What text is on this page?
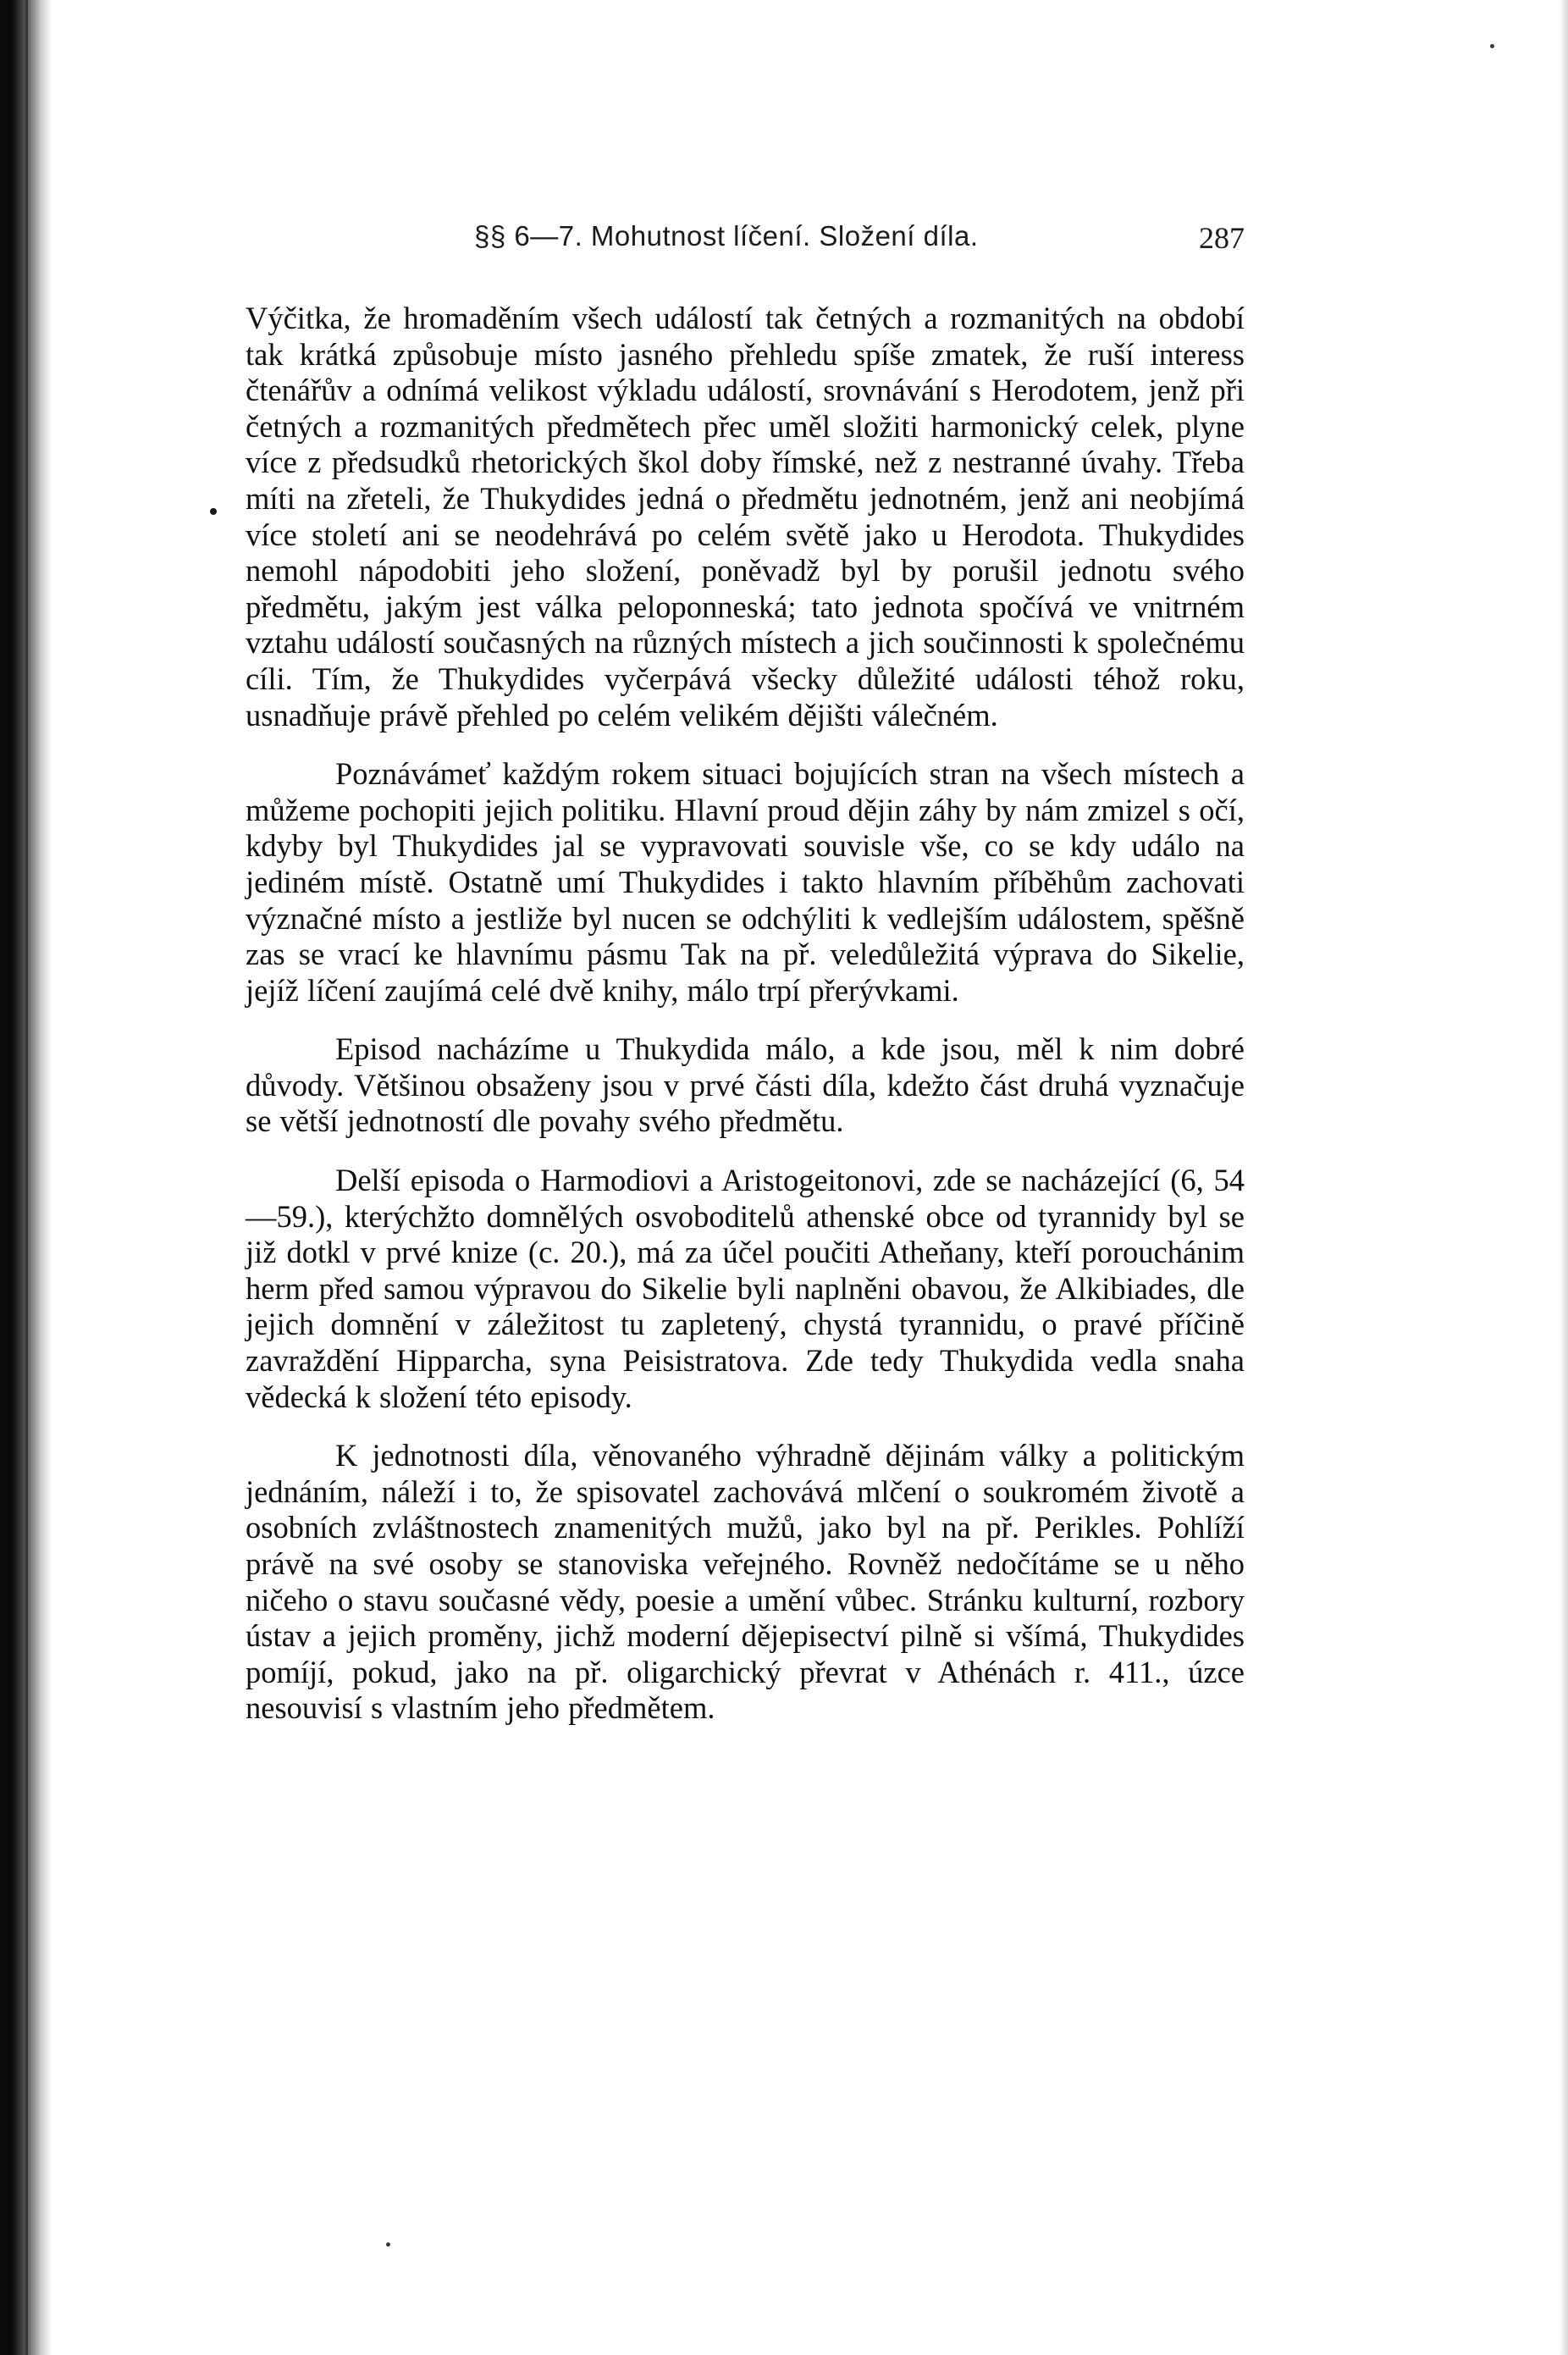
§§ 6—7. Mohutnost líčení. Složení díla.	287

Výčitka, že hromaděním všech událostí tak četných a rozmanitých na období tak krátká způsobuje místo jasného přehledu spíše zmatek, že ruší interess čtenářův a odnímá velikost výkladu událostí, srovnávání s Herodotem, jenž při četných a rozmanitých předmětech přec uměl složiti harmonický celek, plyne více z předsudků rhetorických škol doby římské, než z nestranné úvahy. Třeba míti na zřeteli, že Thukydides jedná o předmětu jednotném, jenž ani neobjímá více století ani se neodehrává po celém světě jako u Herodota. Thukydides nemohl nápodobiti jeho složení, poněvadž byl by porušil jednotu svého předmětu, jakým jest válka peloponneská; tato jednota spočívá ve vnitrném vztahu událostí současných na různých místech a jich součinnosti k společnému cíli. Tím, že Thukydides vyčerpává všecky důležité události téhož roku, usnadňuje právě přehled po celém velikém dějišti válečném.

Poznávámeť každým rokem situaci bojujících stran na všech místech a můžeme pochopiti jejich politiku. Hlavní proud dějin záhy by nám zmizel s očí, kdyby byl Thukydides jal se vypravovati souvisle vše, co se kdy událo na jediném místě. Ostatně umí Thukydides i takto hlavním příběhům zachovati význačné místo a jestliže byl nucen se odchýliti k vedlejším událostem, spěšně zas se vrací ke hlavnímu pásmu Tak na př. veledůležitá výprava do Sikelie, jejíž líčení zaujímá celé dvě knihy, málo trpí přerývkami.

Episod nacházíme u Thukydida málo, a kde jsou, měl k nim dobré důvody. Většinou obsaženy jsou v prvé části díla, kdežto část druhá vyznačuje se větší jednotností dle povahy svého předmětu.

Delší episoda o Harmodiovi a Aristogeitonovi, zde se nacházející (6, 54—59.), kterýchžto domnělých osvoboditelů athenské obce od tyrannidy byl se již dotkl v prvé knize (c. 20.), má za účel poučiti Atheňany, kteří porouchánim herm před samou výpravou do Sikelie byli naplněni obavou, že Alkibiades, dle jejich domnění v záležitost tu zapletený, chystá tyrannidu, o pravé příčině zavraždění Hipparcha, syna Peisistratova. Zde tedy Thukydida vedla snaha vědecká k složení této episody.

K jednotnosti díla, věnovaného výhradně dějinám války a politickým jednáním, náleží i to, že spisovatel zachovává mlčení o soukromém životě a osobních zvláštnostech znamenitých mužů, jako byl na př. Perikles. Pohlíží právě na své osoby se stanoviska veřejného. Rovněž nedočítáme se u něho ničeho o stavu současné vědy, poesie a umění vůbec. Stránku kulturní, rozbory ústav a jejich proměny, jichž moderní dějepisectví pilně si všímá, Thukydides pomíjí, pokud, jako na př. oligarchický převrat v Athénách r. 411., úzce nesouvisí s vlastním jeho předmětem.
